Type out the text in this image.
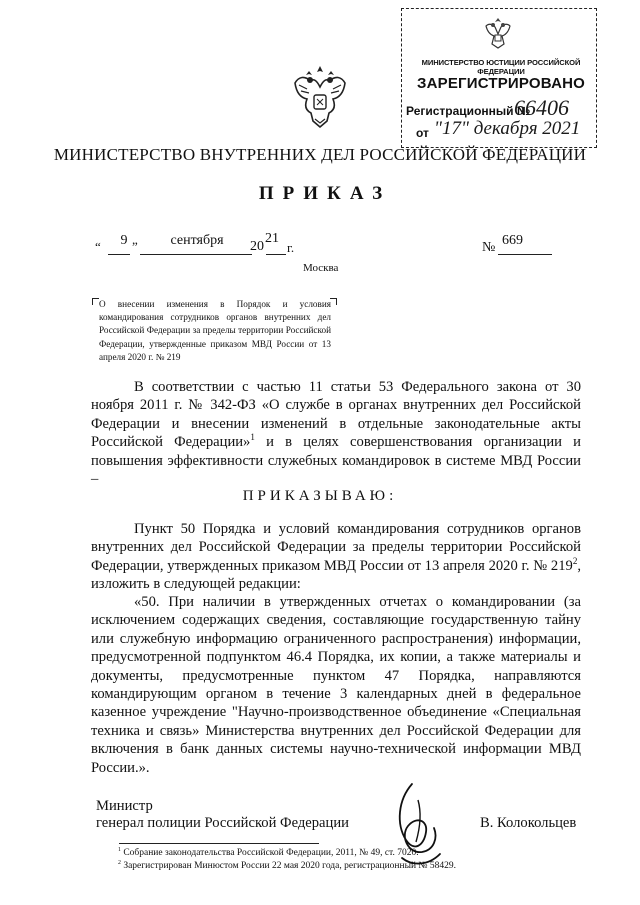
МИНИСТЕРСТВО ЮСТИЦИИ РОССИЙСКОЙ ФЕДЕРАЦИИ
ЗАРЕГИСТРИРОВАНО
Регистрационный №
66406
от "17" декабря 2021
МИНИСТЕРСТВО ВНУТРЕННИХ ДЕЛ РОССИЙСКОЙ ФЕДЕРАЦИИ
ПРИКАЗ
“	9 ”	сентября	20
21
г.	№ 669
Москва
О внесении изменения в Порядок и условия командирования сотрудников органов внутренних дел Российской Федерации за пределы территории Российской Федерации, утвержденные приказом МВД России от 13 апреля 2020 г. № 219
В соответствии с частью 11 статьи 53 Федерального закона от 30 ноября 2011 г. № 342-ФЗ «О службе в органах внутренних дел Российской Федерации и внесении изменений в отдельные законодательные акты Российской Федерации»$^1$ и в целях совершенствования организации и повышения эффективности служебных командировок в системе МВД России –
ПРИКАЗЫВАЮ:
Пункт 50 Порядка и условий командирования сотрудников органов внутренних дел Российской Федерации за пределы территории Российской Федерации, утвержденных приказом МВД России от 13 апреля 2020 г. № $219^2$, изложить в следующей редакции:
«50. При наличии в утвержденных отчетах о командировании (за исключением содержащих сведения, составляющие государственную тайну или служебную информацию ограниченного распространения) информации, предусмотренной подпунктом 46.4 Порядка, их копии, а также материалы и документы, предусмотренные пунктом 47 Порядка, направляются командирующим органом в течение 3 календарных дней в федеральное казенное учреждение "Научно-производственное объединение «Специальная техника и связь» Министерства внутренних дел Российской Федерации для включения в банк данных системы научно-технической информации МВД России.».
Министр
генерал полиции Российской Федерации	В. Колокольцев
$^1$ Собрание законодательства Российской Федерации, 2011, № 49, ст. 7020.
$^2$ Зарегистрирован Минюстом России 22 мая 2020 года, регистрационный № 58429.
